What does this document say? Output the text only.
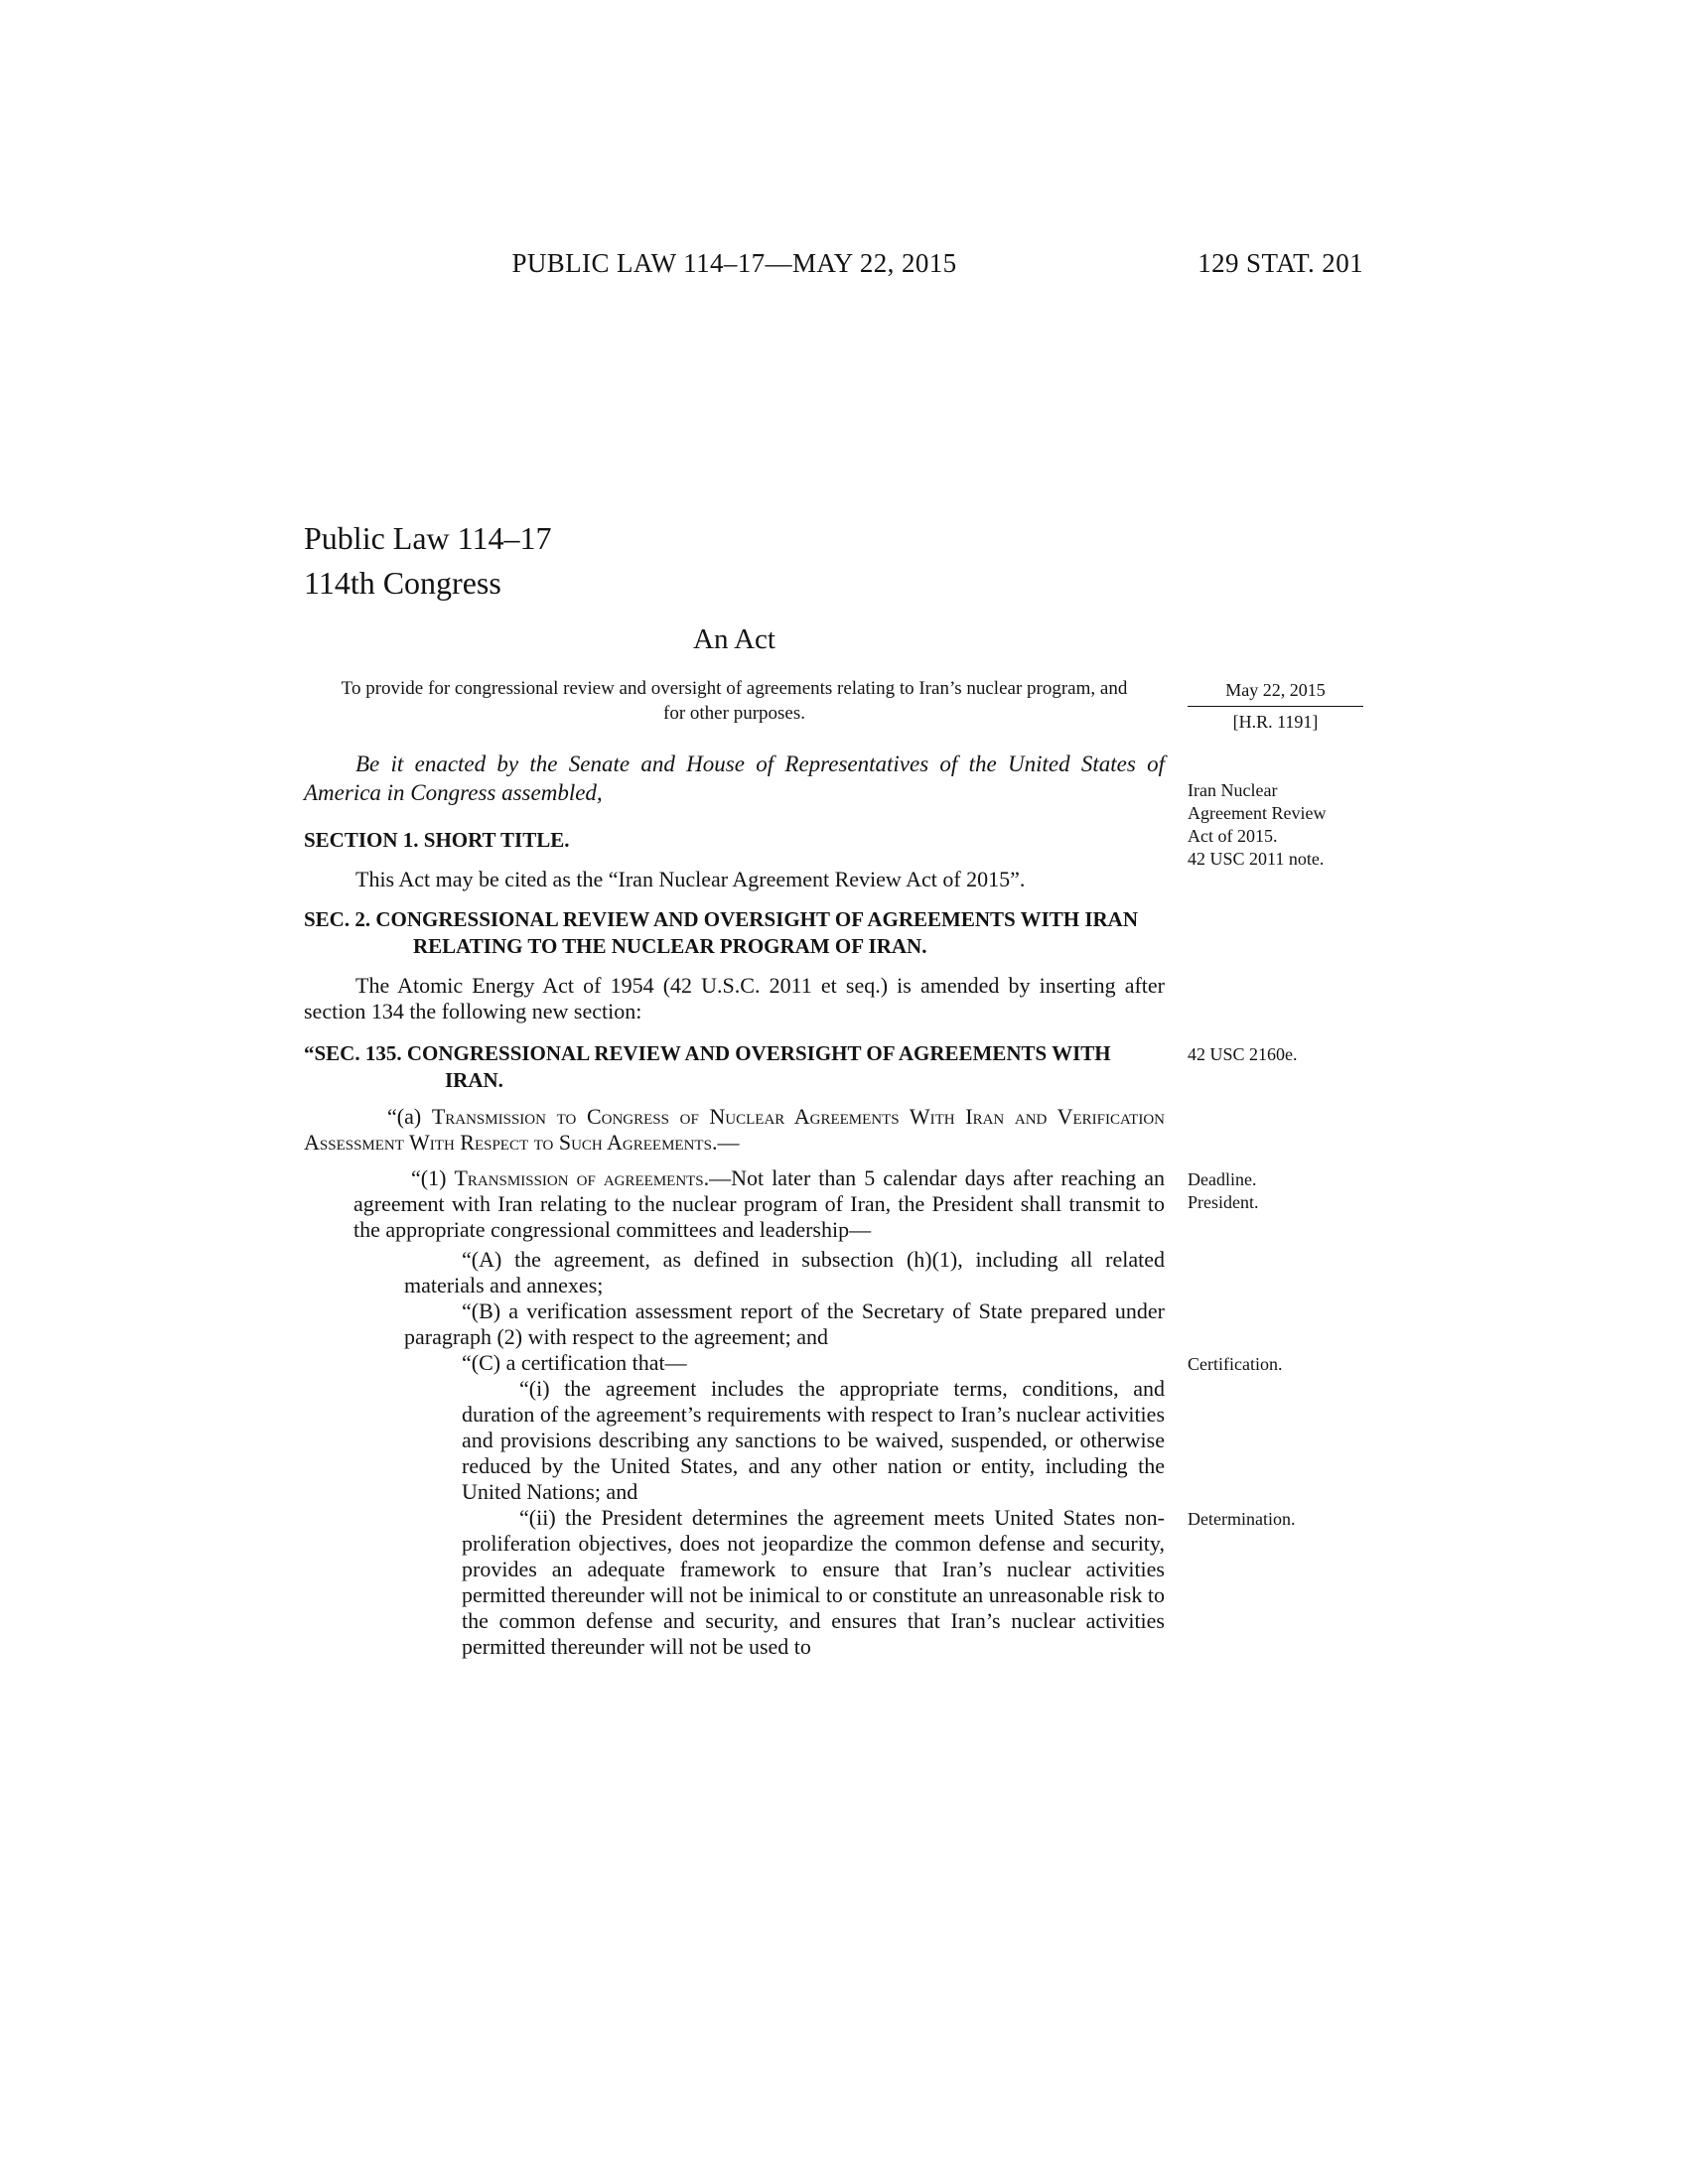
PUBLIC LAW 114–17—MAY 22, 2015	129 STAT. 201
Public Law 114–17
114th Congress
An Act

To provide for congressional review and oversight of agreements relating to Iran’s nuclear program, and for other purposes.

May 22, 2015
[H.R. 1191]

Be it enacted by the Senate and House of Representatives of the United States of America in Congress assembled,	Iran Nuclear Agreement Review Act of 2015.
42 USC 2011 note.
SECTION 1. SHORT TITLE.

This Act may be cited as the “Iran Nuclear Agreement Review Act of 2015”.

SEC. 2. CONGRESSIONAL REVIEW AND OVERSIGHT OF AGREEMENTS WITH IRAN RELATING TO THE NUCLEAR PROGRAM OF IRAN.

The Atomic Energy Act of 1954 (42 U.S.C. 2011 et seq.) is amended by inserting after section 134 the following new section:

“SEC. 135. CONGRESSIONAL REVIEW AND OVERSIGHT OF AGREEMENTS WITH IRAN.
42 USC 2160e.

“(a) Transmission to Congress of Nuclear Agreements With Iran and Verification Assessment With Respect to Such Agreements.—

“(1) Transmission of agreements.—Not later than 5 calendar days after reaching an agreement with Iran relating to the nuclear program of Iran, the President shall transmit to the appropriate congressional committees and leadership—

Deadline.
President.

“(A) the agreement, as defined in subsection (h)(1), including all related materials and annexes;

“(B) a verification assessment report of the Secretary of State prepared under paragraph (2) with respect to the agreement; and

“(C) a certification that—	Certification.

“(i) the agreement includes the appropriate terms, conditions, and duration of the agreement’s requirements with respect to Iran’s nuclear activities and provisions describing any sanctions to be waived, suspended, or otherwise reduced by the United States, and any other nation or entity, including the United Nations; and

“(ii) the President determines the agreement meets United States non-proliferation objectives, does not jeopardize the common defense and security, provides an adequate framework to ensure that Iran’s nuclear activities permitted thereunder will not be inimical to or constitute an unreasonable risk to the common defense and security, and ensures that Iran’s nuclear activities permitted thereunder will not be used to

Determination.
